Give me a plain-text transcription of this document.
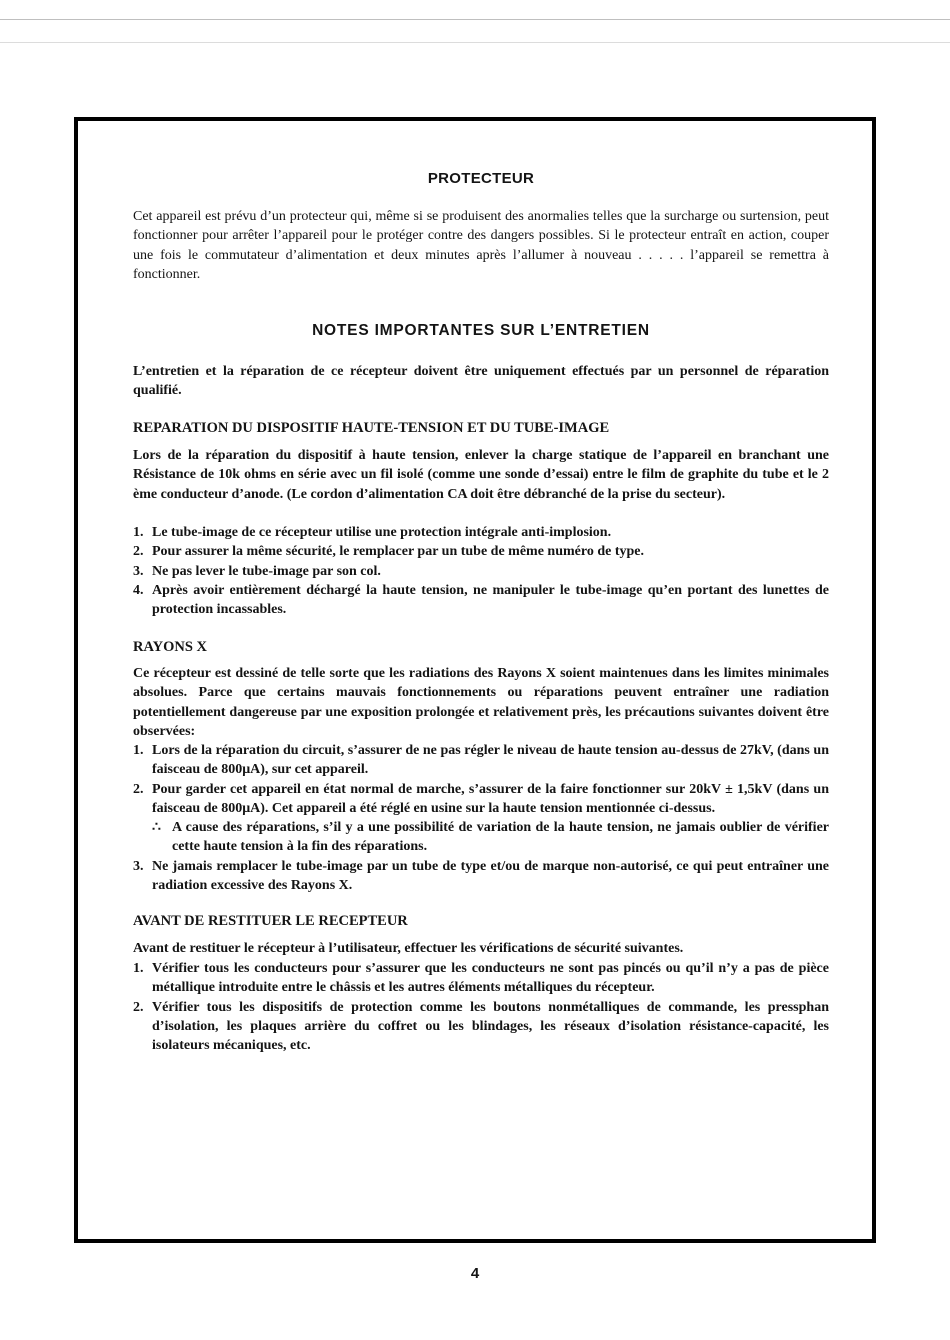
PROTECTEUR

Cet appareil est prévu d’un protecteur qui, même si se produisent des anormalies telles que la surcharge ou surtension, peut fonctionner pour arrêter l’appareil pour le protéger contre des dangers possibles. Si le protecteur entraît en action, couper une fois le commutateur d’alimentation et deux minutes après l’allumer à nouveau . . . . . l’appareil se remettra à fonctionner.

NOTES IMPORTANTES SUR L’ENTRETIEN

L’entretien et la réparation de ce récepteur doivent être uniquement effectués par un personnel de réparation qualifié.

REPARATION DU DISPOSITIF HAUTE-TENSION ET DU TUBE-IMAGE

Lors de la réparation du dispositif à haute tension, enlever la charge statique de l’appareil en branchant une Résistance de 10k ohms en série avec un fil isolé (comme une sonde d’essai) entre le film de graphite du tube et le 2 ème conducteur d’anode. (Le cordon d’alimentation CA doit être débranché de la prise du secteur).

1. Le tube-image de ce récepteur utilise une protection intégrale anti-implosion.
2. Pour assurer la même sécurité, le remplacer par un tube de même numéro de type.
3. Ne pas lever le tube-image par son col.
4. Après avoir entièrement déchargé la haute tension, ne manipuler le tube-image qu’en portant des lunettes de protection incassables.
RAYONS X

Ce récepteur est dessiné de telle sorte que les radiations des Rayons X soient maintenues dans les limites minimales absolues. Parce que certains mauvais fonctionnements ou réparations peuvent entraîner une radiation potentiellement dangereuse par une exposition prolongée et relativement près, les précautions suivantes doivent être observées:

1. Lors de la réparation du circuit, s’assurer de ne pas régler le niveau de haute tension au-dessus de 27kV, (dans un faisceau de 800μA), sur cet appareil.
2. Pour garder cet appareil en état normal de marche, s’assurer de la faire fonctionner sur 20kV ± 1,5kV (dans un faisceau de 800μA). Cet appareil a été réglé en usine sur la haute tension mentionnée ci-dessus.
∴ A cause des réparations, s’il y a une possibilité de variation de la haute tension, ne jamais oublier de vérifier cette haute tension à la fin des réparations.
3. Ne jamais remplacer le tube-image par un tube de type et/ou de marque non-autorisé, ce qui peut entraîner une radiation excessive des Rayons X.
AVANT DE RESTITUER LE RECEPTEUR

Avant de restituer le récepteur à l’utilisateur, effectuer les vérifications de sécurité suivantes.

1. Vérifier tous les conducteurs pour s’assurer que les conducteurs ne sont pas pincés ou qu’il n’y a pas de pièce métallique introduite entre le châssis et les autres éléments métalliques du récepteur.
2. Vérifier tous les dispositifs de protection comme les boutons nonmétalliques de commande, les pressphan d’isolation, les plaques arrière du coffret ou les blindages, les réseaux d’isolation résistance-capacité, les isolateurs mécaniques, etc.
4
